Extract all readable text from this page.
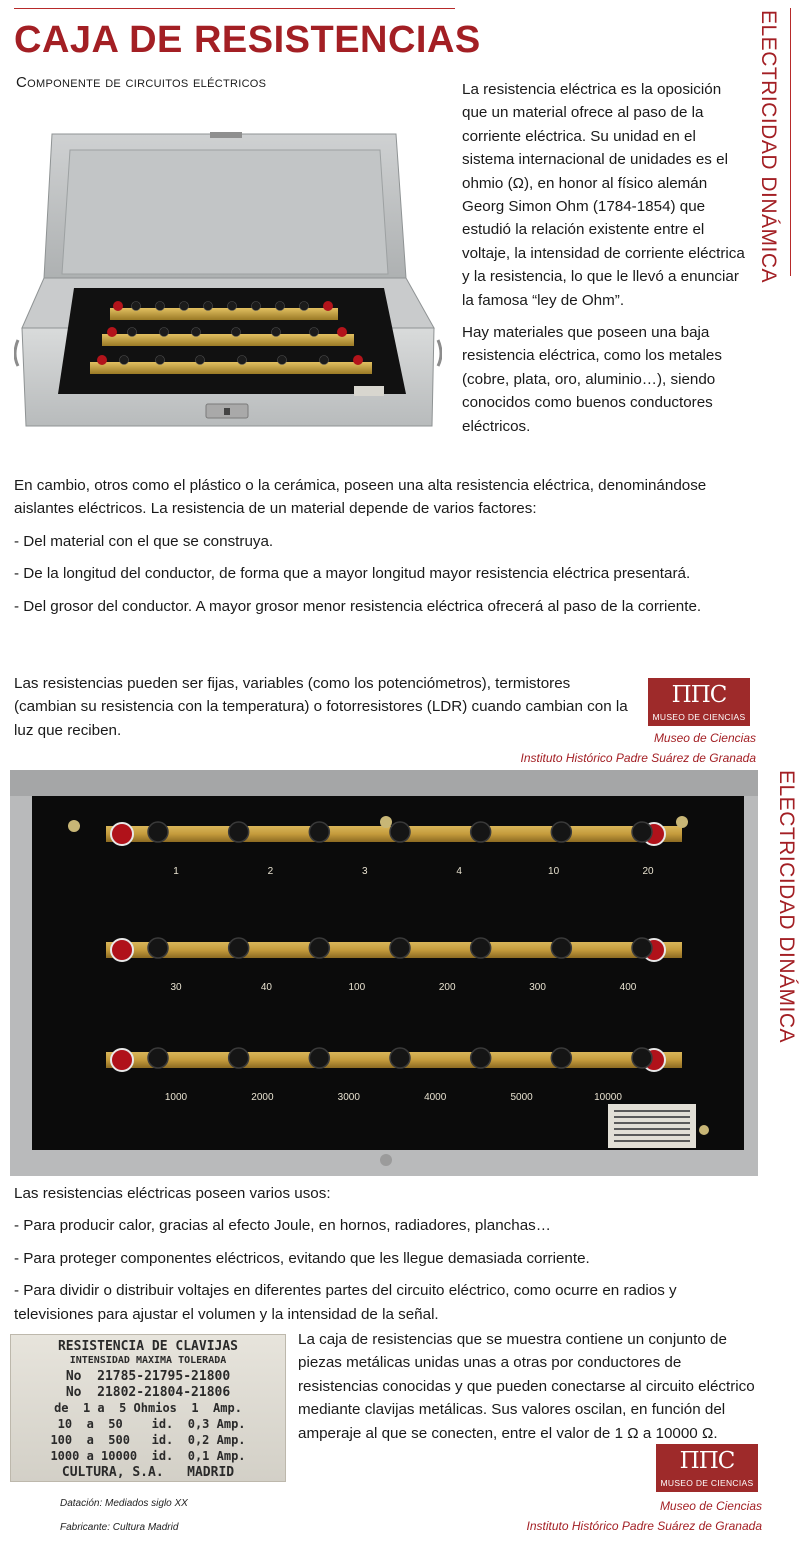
CAJA DE RESISTENCIAS
Componente de circuitos eléctricos	ELECTRICIDAD DINÁMICA

La resistencia eléctrica es la oposición que un material ofrece al paso de la corriente eléctrica. Su unidad en el sistema internacional de unidades es el ohmio (Ω), en honor al físico alemán Georg Simon Ohm (1784-1854) que estudió la relación existente entre el voltaje, la intensidad de corriente eléctrica y la resistencia, lo que le llevó a enunciar la famosa “ley de Ohm”.

Hay materiales que poseen una baja resistencia eléctrica, como los metales (cobre, plata, oro, aluminio…), siendo conocidos como buenos conductores eléctricos.

En cambio, otros como el plástico o la cerámica, poseen una alta resistencia eléctrica, denominándose aislantes eléctricos. La resistencia de un material depende de varios factores:

- Del material con el que se construya.

- De la longitud del conductor, de forma que a mayor longitud mayor resistencia eléctrica presentará.

- Del grosor del conductor. A mayor grosor menor resistencia eléctrica ofrecerá al paso de la corriente.

Las resistencias pueden ser fijas, variables (como los potenciómetros), termistores (cambian su resistencia con la temperatura) o fotorresistores (LDR) cuando cambian con la luz que reciben.
ΠΠC
MUSEO DE CIENCIAS
Museo de Ciencias
Instituto Histórico Padre Suárez de Granada
ELECTRICIDAD DINÁMICA
1	2	3	4	10	20
30	40	100	200	300	400
1000	2000	3000	4000	5000	10000

Las resistencias eléctricas poseen varios usos:

- Para producir calor, gracias al efecto Joule, en hornos, radiadores, planchas…

- Para proteger componentes eléctricos, evitando que les llegue demasiada corriente.

- Para dividir o distribuir voltajes en diferentes partes del circuito eléctrico, como ocurre en radios y televisiones para ajustar el volumen y la intensidad de la señal.

RESISTENCIA DE CLAVIJAS
INTENSIDAD MAXIMA TOLERADA
No  21785-21795-21800
No  21802-21804-21806
de  1 a  5 Ohmios  1  Amp.
10  a  50    id.  0,3 Amp.
100  a  500   id.  0,2 Amp.
1000 a 10000  id.  0,1 Amp.
CULTURA, S.A.   MADRID
La caja de resistencias que se muestra contiene un conjunto de piezas metálicas unidas unas a otras por conductores de resistencias conocidas y que pueden conectarse al circuito eléctrico mediante clavijas metálicas. Sus valores oscilan, en función del amperaje al que se conecten, entre el valor de 1 Ω a 10000 Ω.
ΠΠC
MUSEO DE CIENCIAS
Museo de Ciencias
Instituto Histórico Padre Suárez de Granada
Datación: Mediados siglo XX
Fabricante: Cultura Madrid
